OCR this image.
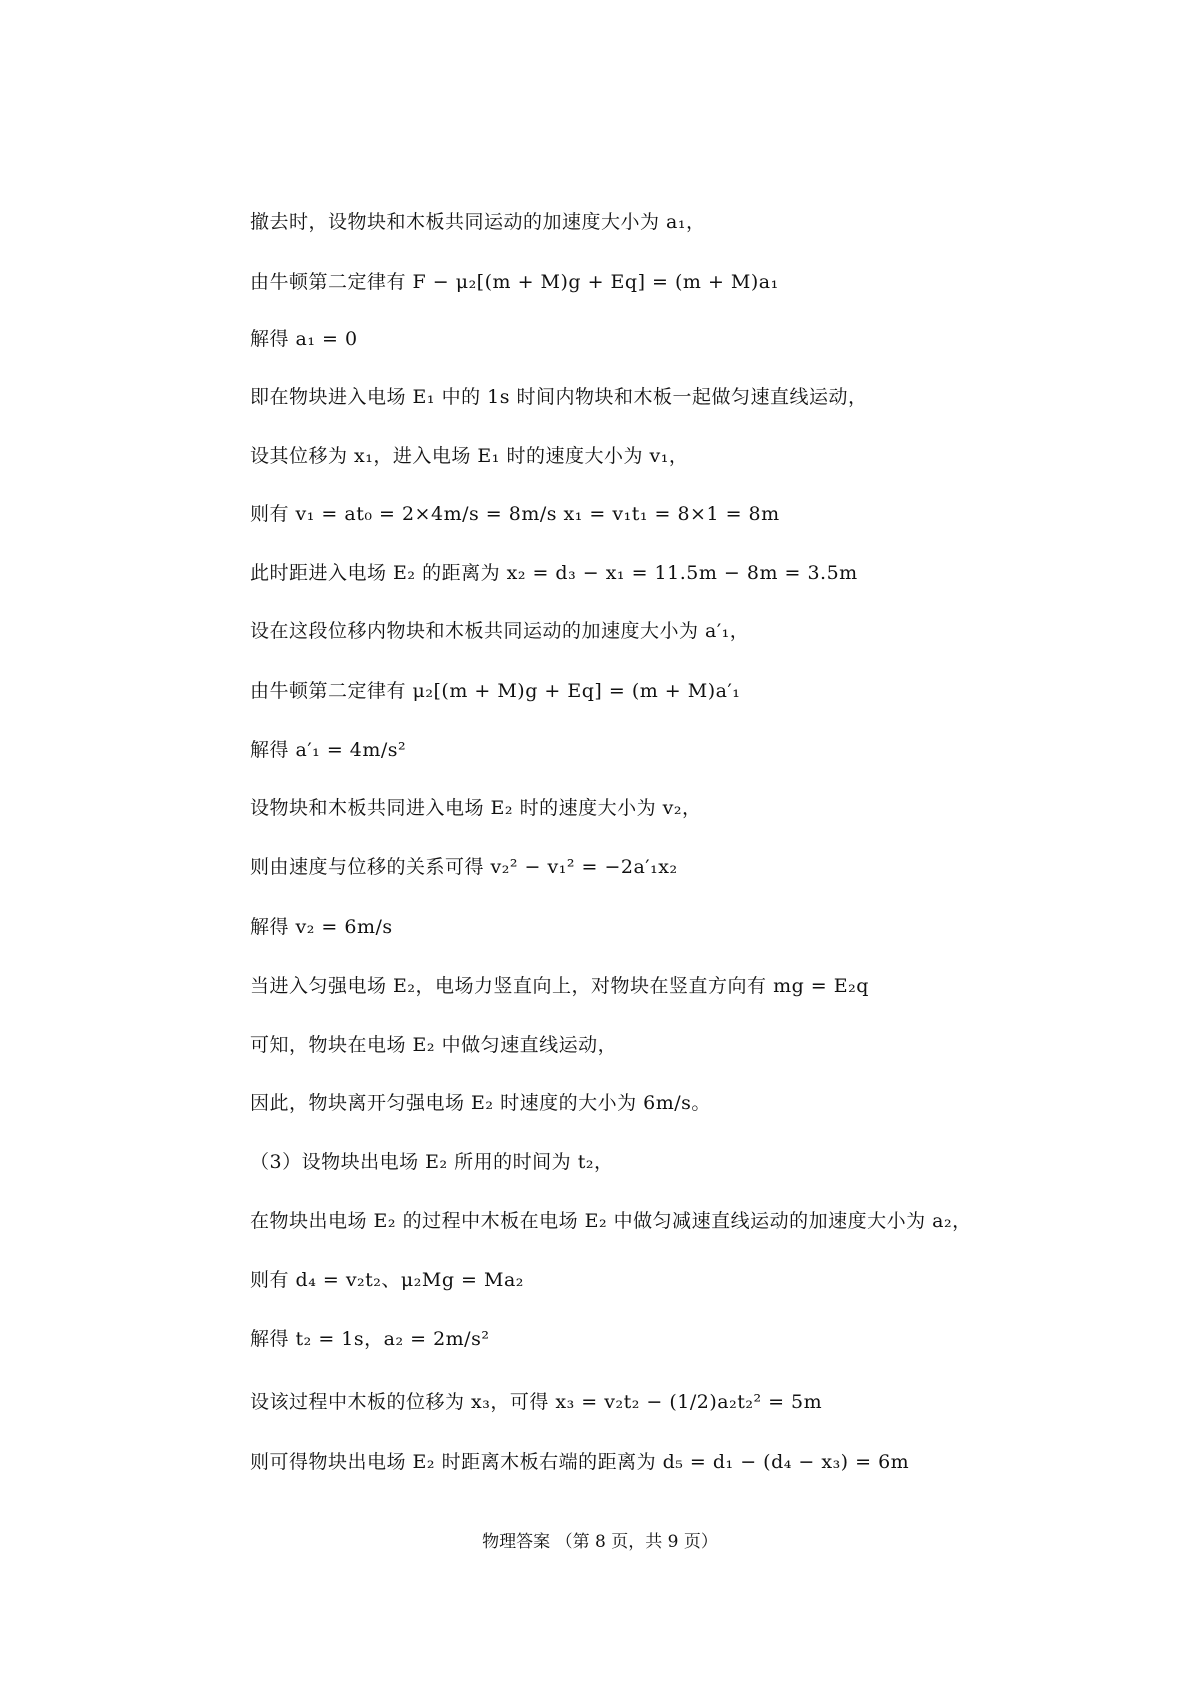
撤去时，设物块和木板共同运动的加速度大小为 a₁，
由牛顿第二定律有 F − μ₂[(m + M)g + Eq] = (m + M)a₁
解得 a₁ = 0
即在物块进入电场 E₁ 中的 1s 时间内物块和木板一起做匀速直线运动，
设其位移为 x₁，进入电场 E₁ 时的速度大小为 v₁，
则有 v₁ = at₀ = 2×4m/s = 8m/s x₁ = v₁t₁ = 8×1 = 8m
此时距进入电场 E₂ 的距离为 x₂ = d₃ − x₁ = 11.5m − 8m = 3.5m
设在这段位移内物块和木板共同运动的加速度大小为 a′₁，
由牛顿第二定律有 μ₂[(m + M)g + Eq] = (m + M)a′₁
解得 a′₁ = 4m/s²
设物块和木板共同进入电场 E₂ 时的速度大小为 v₂，
则由速度与位移的关系可得 v₂² − v₁² = −2a′₁x₂
解得 v₂ = 6m/s
当进入匀强电场 E₂，电场力竖直向上，对物块在竖直方向有 mg = E₂q
可知，物块在电场 E₂ 中做匀速直线运动，
因此，物块离开匀强电场 E₂ 时速度的大小为 6m/s。
（3）设物块出电场 E₂ 所用的时间为 t₂，
在物块出电场 E₂ 的过程中木板在电场 E₂ 中做匀减速直线运动的加速度大小为 a₂，
则有 d₄ = v₂t₂、μ₂Mg = Ma₂
解得 t₂ = 1s，a₂ = 2m/s²
设该过程中木板的位移为 x₃，可得 x₃ = v₂t₂ − (1/2)a₂t₂² = 5m
则可得物块出电场 E₂ 时距离木板右端的距离为 d₅ = d₁ − (d₄ − x₃) = 6m
物理答案 （第 8 页，共 9 页）
